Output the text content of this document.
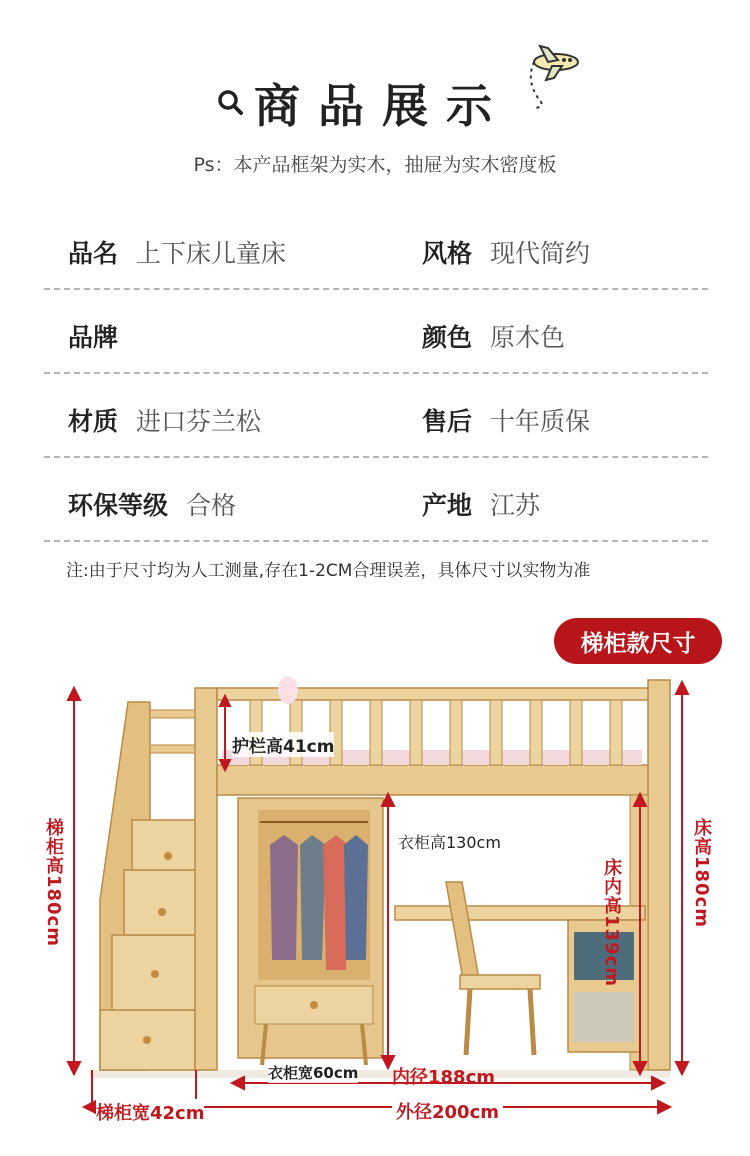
商品展示
Ps：本产品框架为实木，抽屉为实木密度板
品名 上下床儿童床	风格 现代简约
品牌	颜色 原木色
材质 进口芬兰松	售后 十年质保
环保等级 合格	产地 江苏
注:由于尺寸均为人工测量,存在1-2CM合理误差，具体尺寸以实物为准
梯柜款尺寸
护栏高41cm
衣柜高130cm
梯柜高180cm	床高180cm
床内高139cm
衣柜宽60cm 内径188cm
梯柜宽42cm	外径200cm
